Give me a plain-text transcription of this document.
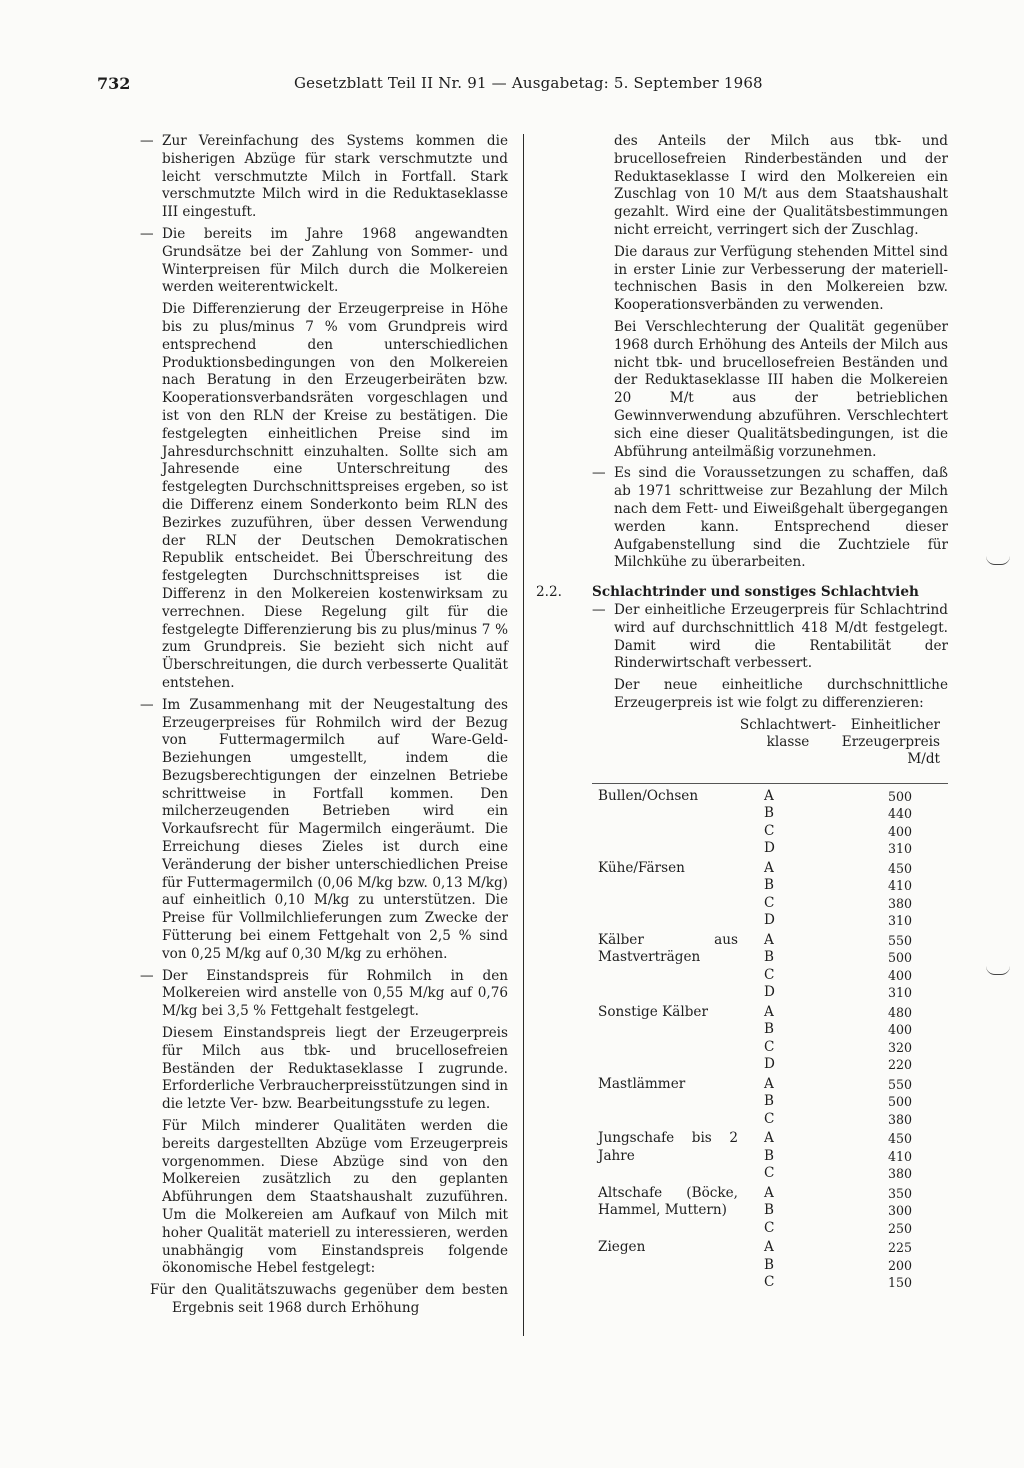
732	Gesetzblatt Teil II Nr. 91 — Ausgabetag: 5. September 1968

— Zur Vereinfachung des Systems kommen die bisherigen Abzüge für stark verschmutzte und leicht verschmutzte Milch in Fortfall. Stark verschmutzte Milch wird in die Reduktaseklasse III eingestuft.

— Die bereits im Jahre 1968 angewandten Grundsätze bei der Zahlung von Sommer- und Winterpreisen für Milch durch die Molkereien werden weiterentwickelt.

Die Differenzierung der Erzeugerpreise in Höhe bis zu plus/minus 7 % vom Grundpreis wird entsprechend den unterschiedlichen Produktionsbedingungen von den Molkereien nach Beratung in den Erzeugerbeiräten bzw. Kooperationsverbandsräten vorgeschlagen und ist von den RLN der Kreise zu bestätigen. Die festgelegten einheitlichen Preise sind im Jahresdurchschnitt einzuhalten. Sollte sich am Jahresende eine Unterschreitung des festgelegten Durchschnittspreises ergeben, so ist die Differenz einem Sonderkonto beim RLN des Bezirkes zuzuführen, über dessen Verwendung der RLN der Deutschen Demokratischen Republik entscheidet. Bei Überschreitung des festgelegten Durchschnittspreises ist die Differenz in den Molkereien kostenwirksam zu verrechnen. Diese Regelung gilt für die festgelegte Differenzierung bis zu plus/minus 7 % zum Grundpreis. Sie bezieht sich nicht auf Überschreitungen, die durch verbesserte Qualität entstehen.

— Im Zusammenhang mit der Neugestaltung des Erzeugerpreises für Rohmilch wird der Bezug von Futtermagermilch auf Ware-Geld-Beziehungen umgestellt, indem die Bezugsberechtigungen der einzelnen Betriebe schrittweise in Fortfall kommen. Den milcherzeugenden Betrieben wird ein Vorkaufsrecht für Magermilch eingeräumt. Die Erreichung dieses Zieles ist durch eine Veränderung der bisher unterschiedlichen Preise für Futtermagermilch (0,06 M/kg bzw. 0,13 M/kg) auf einheitlich 0,10 M/kg zu unterstützen. Die Preise für Vollmilchlieferungen zum Zwecke der Fütterung bei einem Fettgehalt von 2,5 % sind von 0,25 M/kg auf 0,30 M/kg zu erhöhen.

— Der Einstandspreis für Rohmilch in den Molkereien wird anstelle von 0,55 M/kg auf 0,76 M/kg bei 3,5 % Fettgehalt festgelegt.

Diesem Einstandspreis liegt der Erzeugerpreis für Milch aus tbk- und brucellosefreien Beständen der Reduktaseklasse I zugrunde. Erforderliche Verbraucherpreisstützungen sind in die letzte Ver- bzw. Bearbeitungsstufe zu legen.

Für Milch minderer Qualitäten werden die bereits dargestellten Abzüge vom Erzeugerpreis vorgenommen. Diese Abzüge sind von den Molkereien zusätzlich zu den geplanten Abführungen dem Staatshaushalt zuzuführen. Um die Molkereien am Aufkauf von Milch mit hoher Qualität materiell zu interessieren, werden unabhängig vom Einstandspreis folgende ökonomische Hebel festgelegt:

Für den Qualitätszuwachs gegenüber dem besten Ergebnis seit 1968 durch Erhöhung

des Anteils der Milch aus tbk- und brucellosefreien Rinderbeständen und der Reduktaseklasse I wird den Molkereien ein Zuschlag von 10 M/t aus dem Staatshaushalt gezahlt. Wird eine der Qualitätsbestimmungen nicht erreicht, verringert sich der Zuschlag.

Die daraus zur Verfügung stehenden Mittel sind in erster Linie zur Verbesserung der materiell-technischen Basis in den Molkereien bzw. Kooperationsverbänden zu verwenden.

Bei Verschlechterung der Qualität gegenüber 1968 durch Erhöhung des Anteils der Milch aus nicht tbk- und brucellosefreien Beständen und der Reduktaseklasse III haben die Molkereien 20 M/t aus der betrieblichen Gewinnverwendung abzuführen. Verschlechtert sich eine dieser Qualitätsbedingungen, ist die Abführung anteilmäßig vorzunehmen.

— Es sind die Voraussetzungen zu schaffen, daß ab 1971 schrittweise zur Bezahlung der Milch nach dem Fett- und Eiweißgehalt übergegangen werden kann. Entsprechend dieser Aufgabenstellung sind die Zuchtziele für Milchkühe zu überarbeiten.

2.2. Schlachtrinder und sonstiges Schlachtvieh

— Der einheitliche Erzeugerpreis für Schlachtrind wird auf durchschnittlich 418 M/dt festgelegt. Damit wird die Rentabilität der Rinderwirtschaft verbessert.

Der neue einheitliche durchschnittliche Erzeugerpreis ist wie folgt zu differenzieren:

Schlachtwert-klasse
Einheitlicher Erzeugerpreis M/dt
Bullen/Ochsen	A	500
B	440
C	400
D	310
Kühe/Färsen	A	450
B	410
C	380
D	310
Kälber aus Mastverträgen
A	550
B	500
C	400
D	310
Sonstige Kälber	A	480
B	400
C	320
D	220
Mastlämmer	A	550
B	500
C	380
Jungschafe bis 2 Jahre
A	450
B	410
C	380
Altschafe (Böcke, Hammel, Muttern)
A	350
B	300
C	250
Ziegen	A	225
B	200
C	150
